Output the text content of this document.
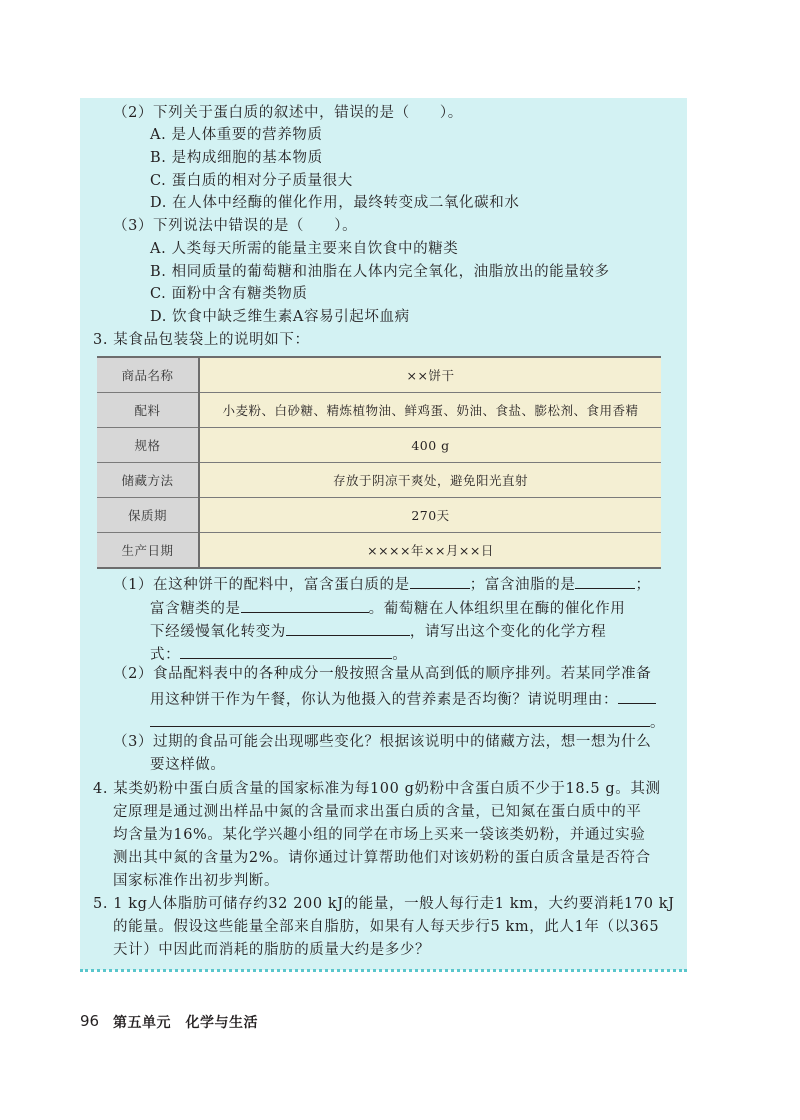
（2）下列关于蛋白质的叙述中，错误的是（　　）。
A. 是人体重要的营养物质
B. 是构成细胞的基本物质
C. 蛋白质的相对分子质量很大
D. 在人体中经酶的催化作用，最终转变成二氧化碳和水
（3）下列说法中错误的是（　　）。
A. 人类每天所需的能量主要来自饮食中的糖类
B. 相同质量的葡萄糖和油脂在人体内完全氧化，油脂放出的能量较多
C. 面粉中含有糖类物质
D. 饮食中缺乏维生素A容易引起坏血病
3. 某食品包装袋上的说明如下：
商品名称	××饼干
配料	小麦粉、白砂糖、精炼植物油、鲜鸡蛋、奶油、食盐、膨松剂、食用香精
规格	400 g
储藏方法	存放于阴凉干爽处，避免阳光直射
保质期	270天
生产日期	××××年××月××日
（1）在这种饼干的配料中，富含蛋白质的是	；富含油脂的是	；
富含糖类的是	。葡萄糖在人体组织里在酶的催化作用
下经缓慢氧化转变为	，请写出这个变化的化学方程
式：	。
（2）食品配料表中的各种成分一般按照含量从高到低的顺序排列。若某同学准备
用这种饼干作为午餐，你认为他摄入的营养素是否均衡？请说明理由：
。
（3）过期的食品可能会出现哪些变化？根据该说明中的储藏方法，想一想为什么
要这样做。
4. 某类奶粉中蛋白质含量的国家标准为每100 g奶粉中含蛋白质不少于18.5 g。其测
定原理是通过测出样品中氮的含量而求出蛋白质的含量，已知氮在蛋白质中的平
均含量为16%。某化学兴趣小组的同学在市场上买来一袋该类奶粉，并通过实验
测出其中氮的含量为2%。请你通过计算帮助他们对该奶粉的蛋白质含量是否符合
国家标准作出初步判断。
5. 1 kg人体脂肪可储存约32 200 kJ的能量，一般人每行走1 km，大约要消耗170 kJ
的能量。假设这些能量全部来自脂肪，如果有人每天步行5 km，此人1年（以365
天计）中因此而消耗的脂肪的质量大约是多少？
96 第五单元　化学与生活
